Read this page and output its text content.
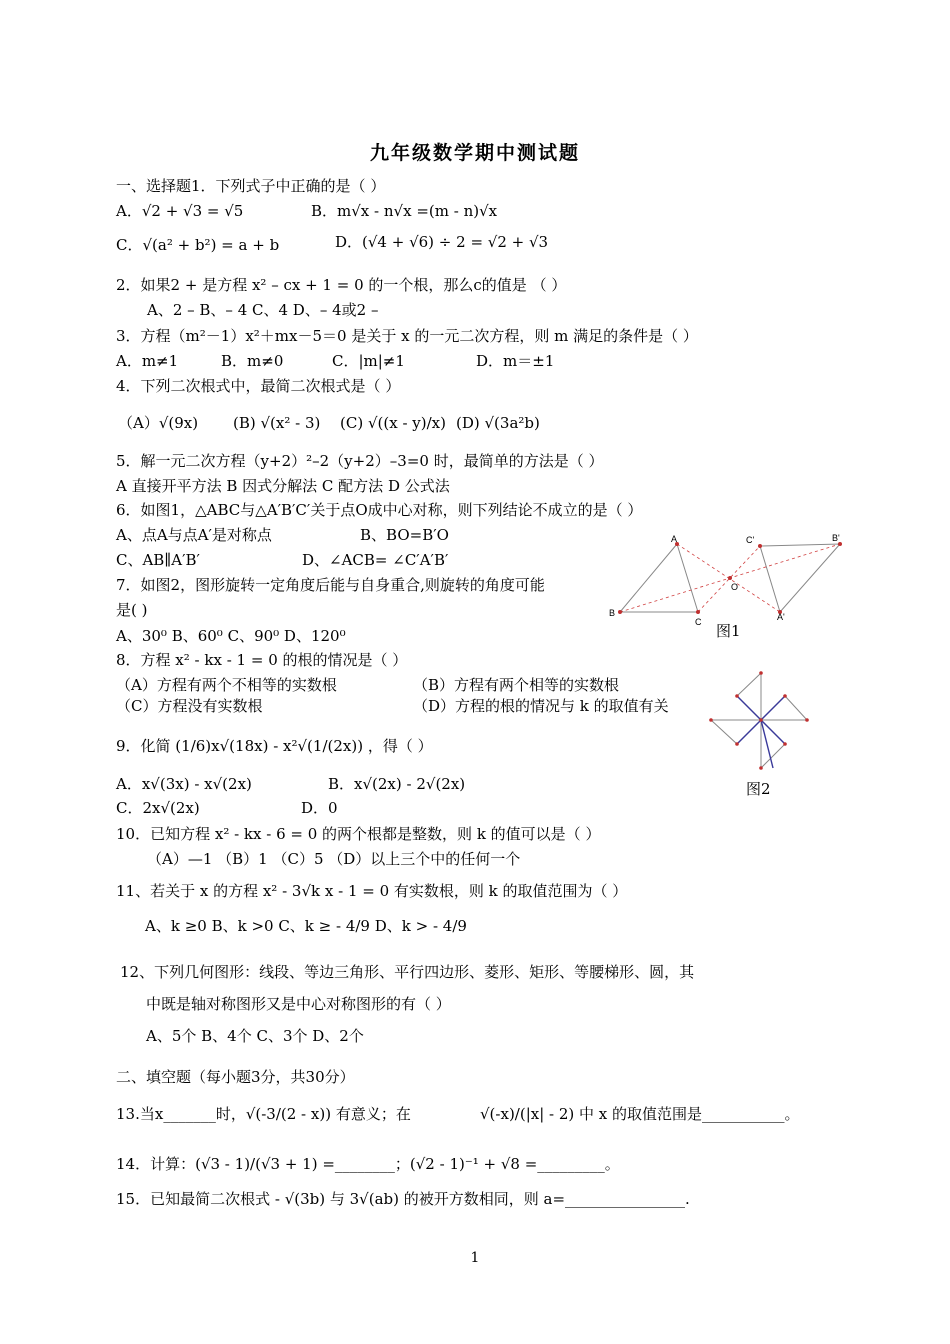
九年级数学期中测试题
一、选择题1．下列式子中正确的是（ ）
A．√2 + √3 = √5	B．m√x - n√x =(m - n)√x
C．√(a² + b²) = a + b	D．(√4 + √6) ÷ 2 = √2 + √3
2．如果2 + 是方程 x² – cx + 1 = 0 的一个根，那么c的值是 （ ）
A、2 – B、– 4 C、4 D、– 4或2 –
3．方程（m²－1）x²＋mx－5＝0 是关于 x 的一元二次方程，则 m 满足的条件是（ ）
A．m≠1	B．m≠0	C．|m|≠1	D．m＝±1
4．下列二次根式中，最简二次根式是（ ）
（A）√(9x) (B) √(x² - 3) (C) √((x - y)/x) (D) √(3a²b)
5．解一元二次方程（y+2）²–2（y+2）–3=0 时，最简单的方法是（ ）
A 直接开平方法 B 因式分解法 C 配方法 D 公式法
6．如图1，△ABC与△A′B′C′关于点O成中心对称，则下列结论不成立的是（ ）
A、点A与点A′是对称点	B、BO=B′O
C、AB∥A′B′	D、∠ACB= ∠C′A′B′
7．如图2，图形旋转一定角度后能与自身重合,则旋转的角度可能
是( )
A、30⁰ B、60⁰ C、90⁰ D、120⁰
8．方程 x² - kx - 1 = 0 的根的情况是（ ）
（A）方程有两个不相等的实数根	（B）方程有两个相等的实数根
（C）方程没有实数根	（D）方程的根的情况与 k 的取值有关
9．化简 (1/6)x√(18x) - x²√(1/(2x)) ，得（ ）
A．x√(3x) - x√(2x)	B．x√(2x) - 2√(2x)
C．2x√(2x)	D．0
10．已知方程 x² - kx - 6 = 0 的两个根都是整数，则 k 的值可以是（ ）
（A）—1 （B）1 （C）5 （D）以上三个中的任何一个
11、若关于 x 的方程 x² - 3√k x - 1 = 0 有实数根，则 k 的取值范围为（ ）
A、k ≥0 B、k >0 C、k ≥ - 4/9 D、k > - 4/9
12、下列几何图形：线段、等边三角形、平行四边形、菱形、矩形、等腰梯形、圆，其
中既是轴对称图形又是中心对称图形的有（ ）
A、5个 B、4个 C、3个 D、2个
二、填空题（每小题3分，共30分）
13.当x_______时，√(-3/(2 - x)) 有意义；在	√(-x)/(|x| - 2) 中 x 的取值范围是___________。
14．计算：(√3 - 1)/(√3 + 1) =________；(√2 - 1)⁻¹ + √8 =_________。
15．已知最简二次根式 - √(3b) 与 3√(ab) 的被开方数相同，则 a=________________.
A
B
C
C'	B'
A'
O
图1
图2
1
